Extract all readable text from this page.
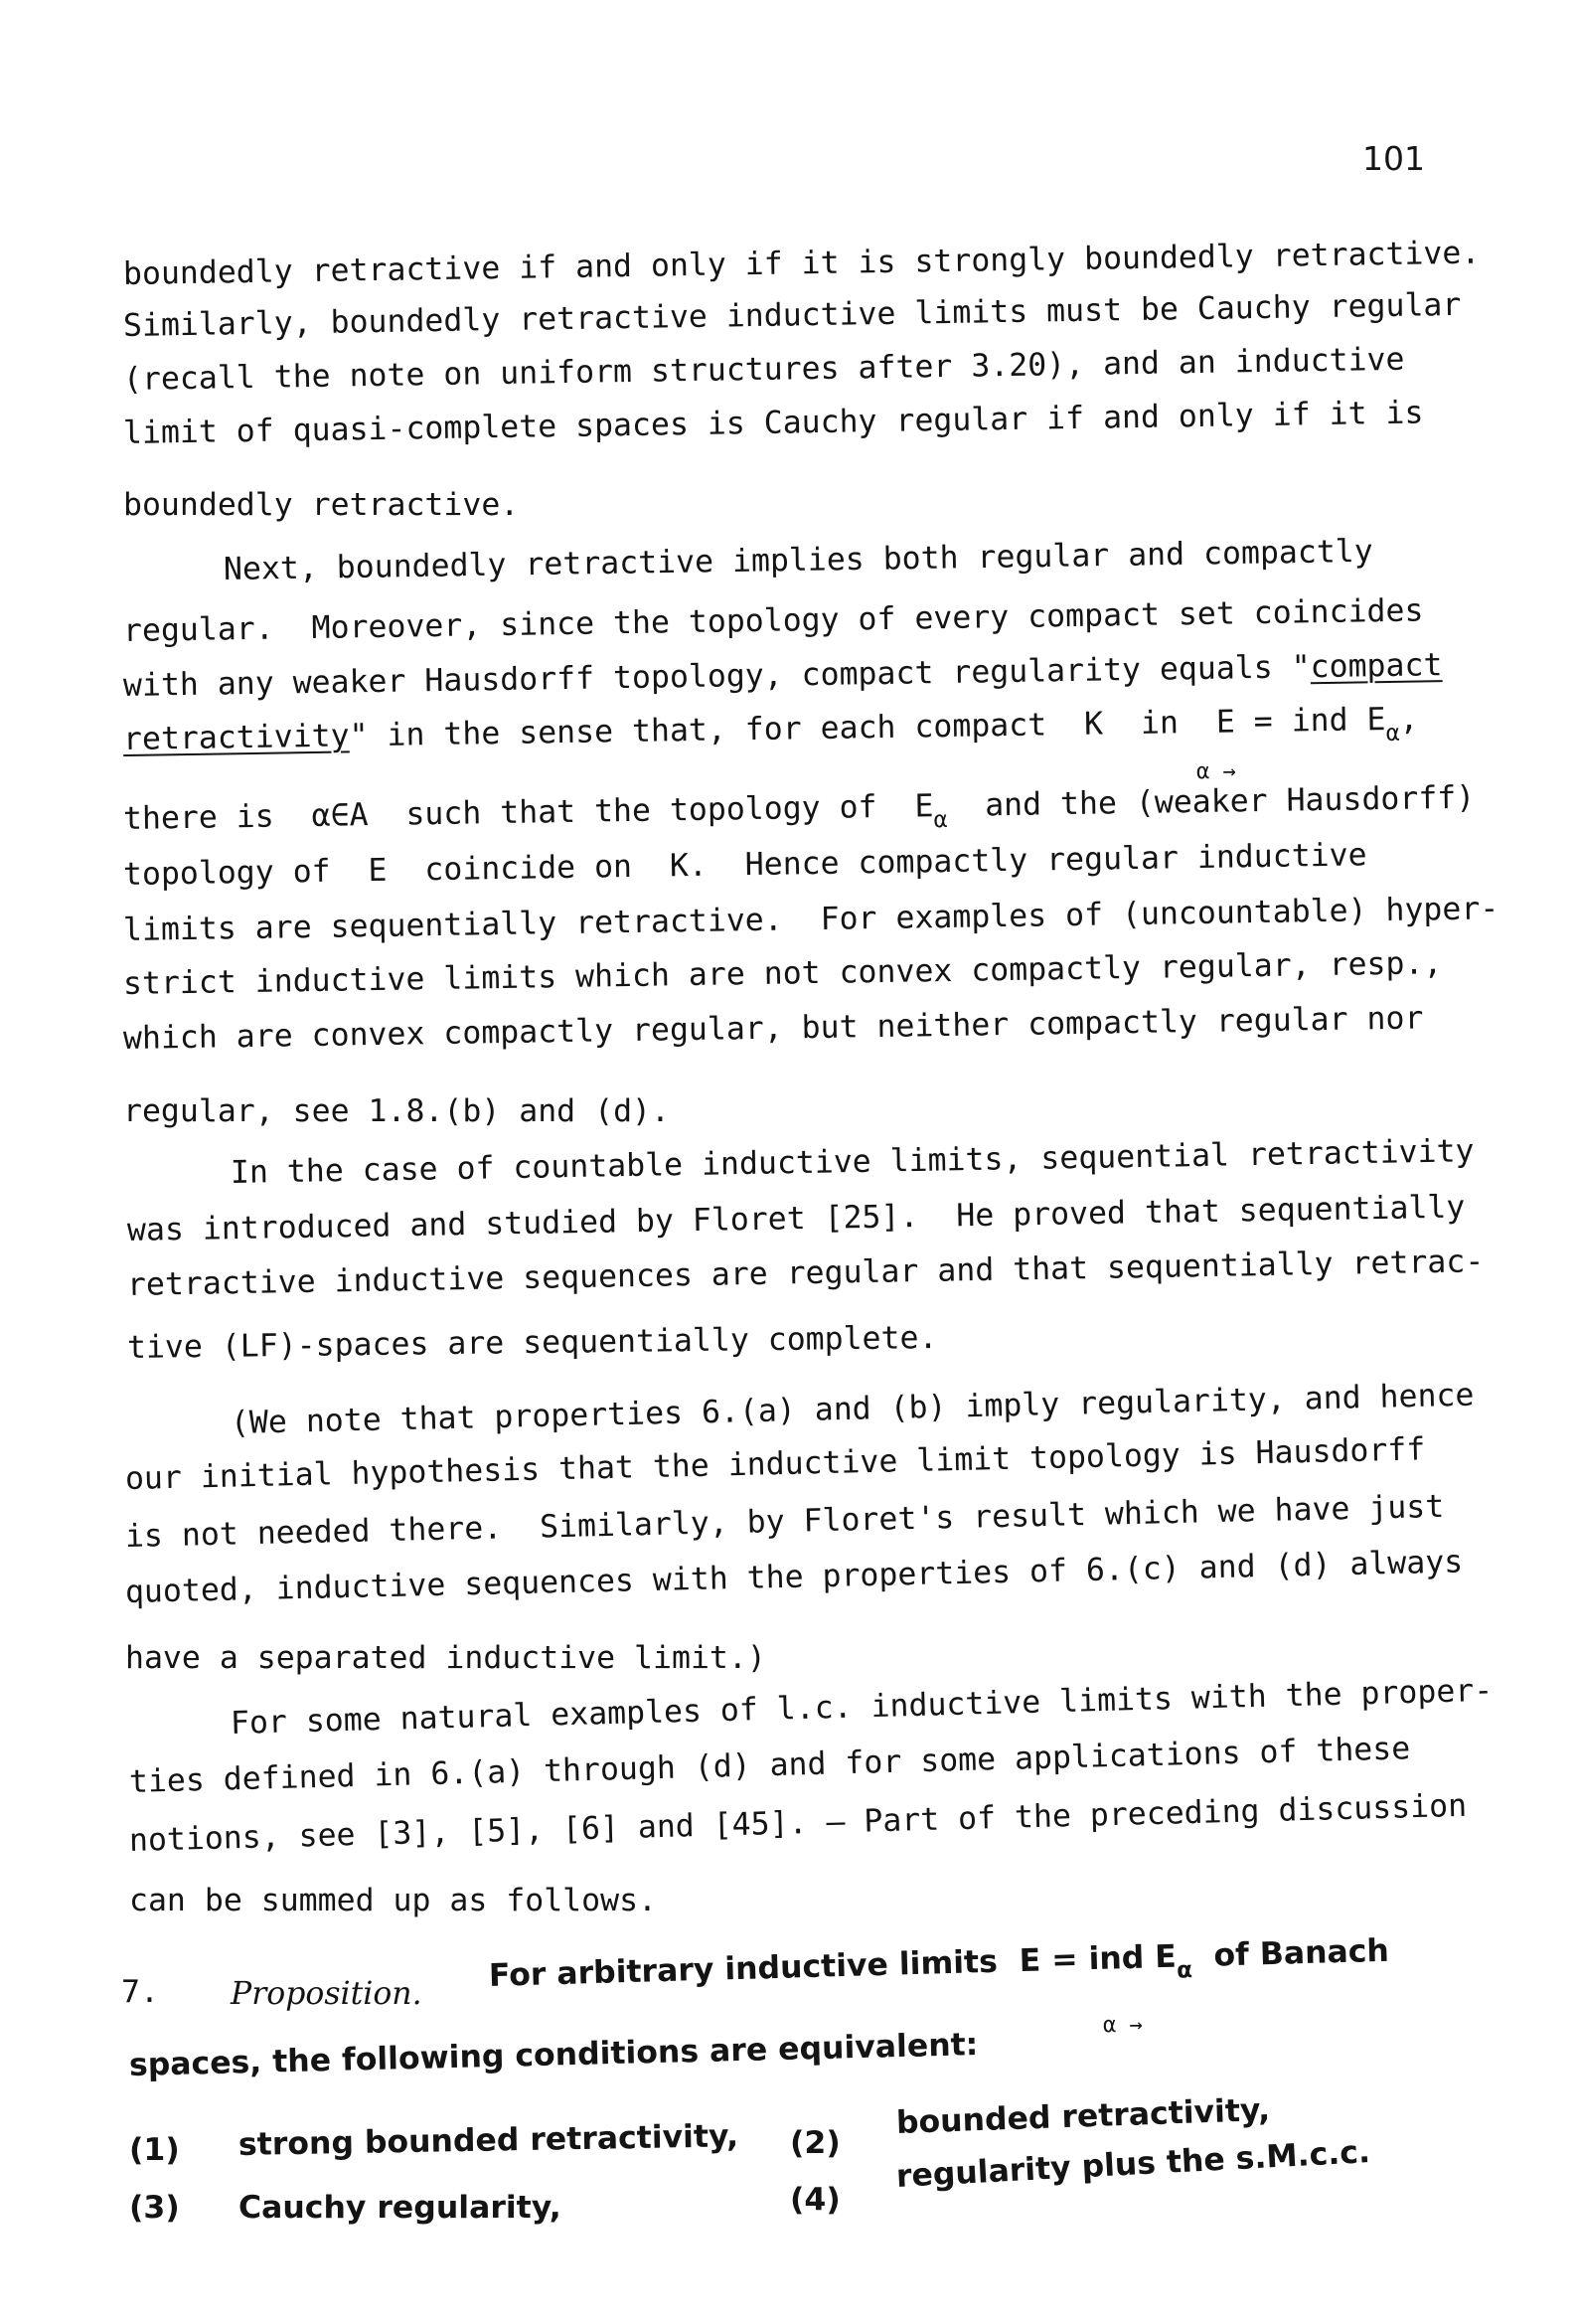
101
boundedly retractive if and only if it is strongly boundedly retractive.
Similarly, boundedly retractive inductive limits must be Cauchy regular
(recall the note on uniform structures after 3.20), and an inductive
limit of quasi-complete spaces is Cauchy regular if and only if it is
boundedly retractive.
Next, boundedly retractive implies both regular and compactly
regular.  Moreover, since the topology of every compact set coincides
with any weaker Hausdorff topology, compact regularity equals "compact
retractivity" in the sense that, for each compact  K  in  E = ind $E_\alpha$,
α →
there is  α∈A  such that the topology of  $E_\alpha$  and the (weaker Hausdorff)
topology of  E  coincide on  K.  Hence compactly regular inductive
limits are sequentially retractive.  For examples of (uncountable) hyper-
strict inductive limits which are not convex compactly regular, resp.,
which are convex compactly regular, but neither compactly regular nor
regular, see 1.8.(b) and (d).
In the case of countable inductive limits, sequential retractivity
was introduced and studied by Floret [25].  He proved that sequentially
retractive inductive sequences are regular and that sequentially retrac-
tive (LF)-spaces are sequentially complete.
(We note that properties 6.(a) and (b) imply regularity, and hence
our initial hypothesis that the inductive limit topology is Hausdorff
is not needed there.  Similarly, by Floret's result which we have just
quoted, inductive sequences with the properties of 6.(c) and (d) always
have a separated inductive limit.)
For some natural examples of l.c. inductive limits with the proper-
ties defined in 6.(a) through (d) and for some applications of these
notions, see [3], [5], [6] and [45]. — Part of the preceding discussion
can be summed up as follows.
7. Proposition.
For arbitrary inductive limits  E = ind $E_\alpha$  of Banach
α →
spaces, the following conditions are equivalent:
(1) strong bounded retractivity, (2)
bounded retractivity,
(3) Cauchy regularity,	(4)
regularity plus the s.M.c.c.
